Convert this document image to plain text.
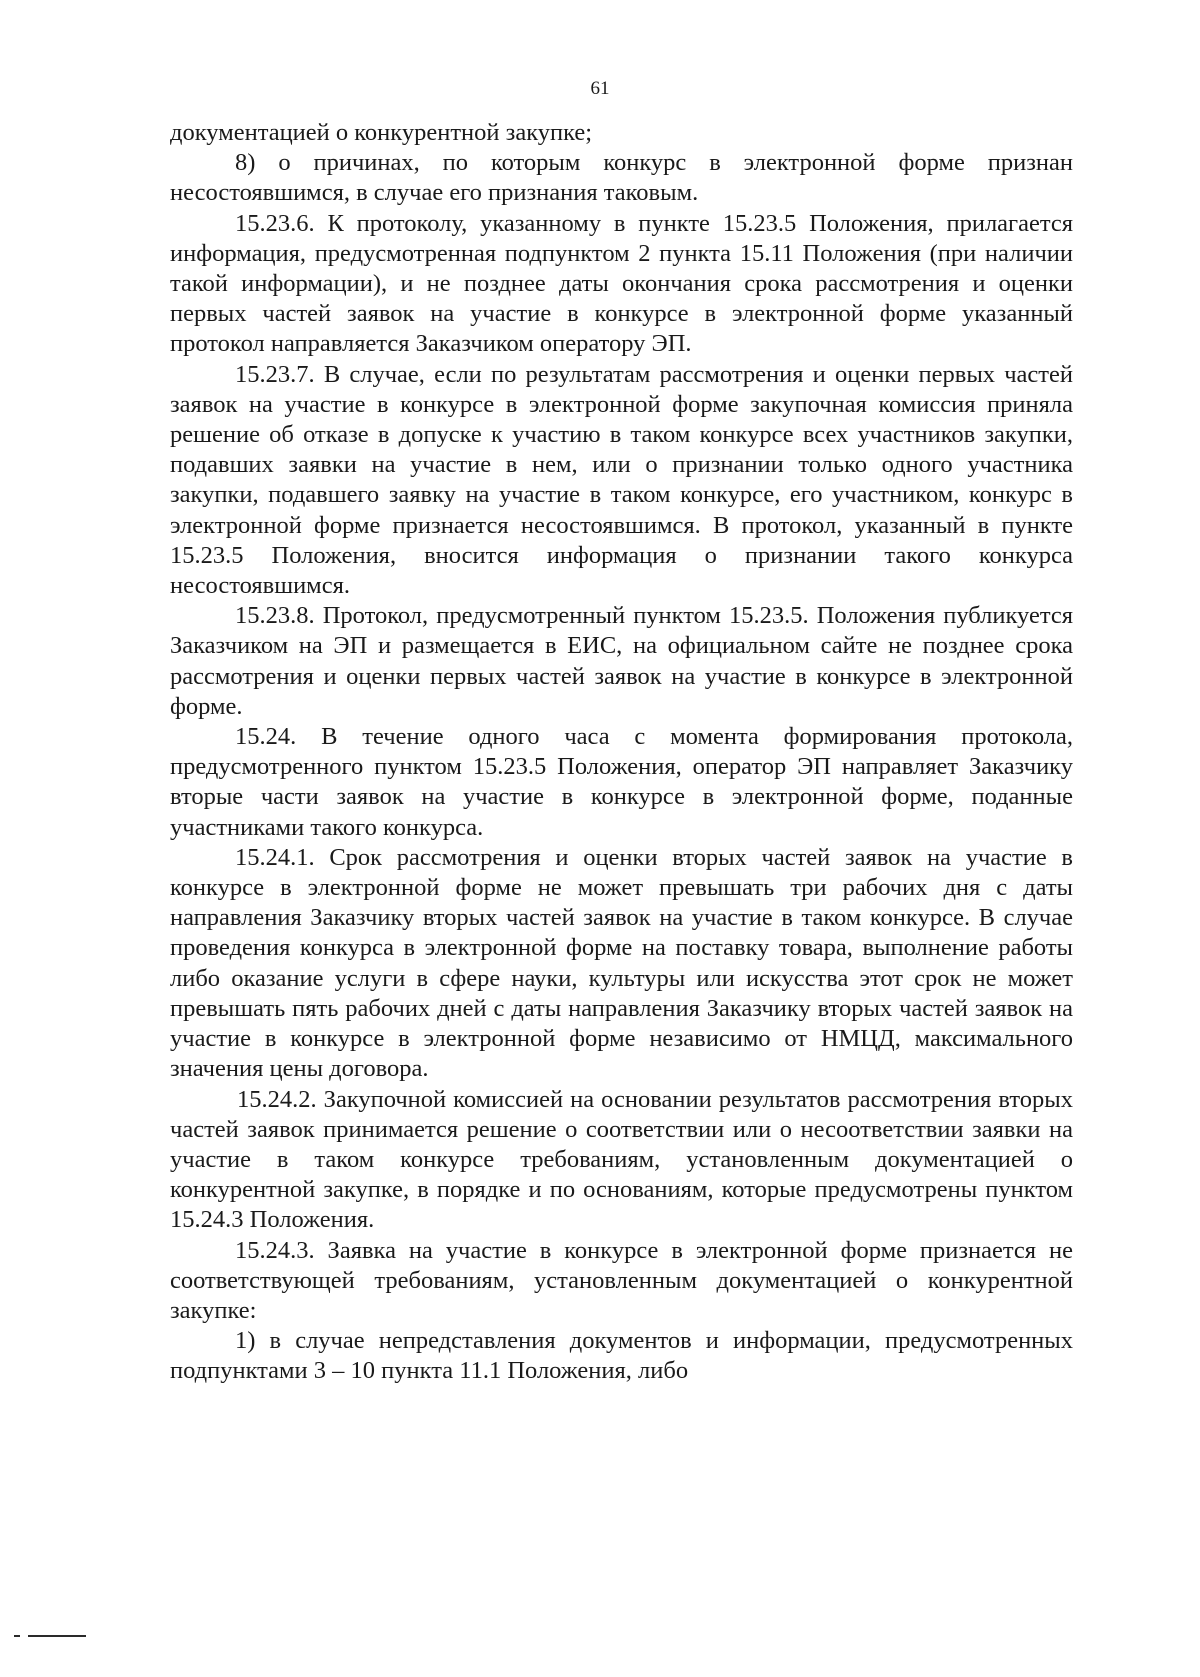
61

документацией о конкурентной закупке;

8) о причинах, по которым конкурс в электронной форме признан несостоявшимся, в случае его признания таковым.

15.23.6. К протоколу, указанному в пункте 15.23.5 Положения, прилагается информация, предусмотренная подпунктом 2 пункта 15.11 Положения (при наличии такой информации), и не позднее даты окончания срока рассмотрения и оценки первых частей заявок на участие в конкурсе в электронной форме указанный протокол направляется Заказчиком оператору ЭП.

15.23.7. В случае, если по результатам рассмотрения и оценки первых частей заявок на участие в конкурсе в электронной форме закупочная комиссия приняла решение об отказе в допуске к участию в таком конкурсе всех участников закупки, подавших заявки на участие в нем, или о признании только одного участника закупки, подавшего заявку на участие в таком конкурсе, его участником, конкурс в электронной форме признается несостоявшимся. В протокол, указанный в пункте 15.23.5 Положения, вносится информация о признании такого конкурса несостоявшимся.

15.23.8. Протокол, предусмотренный пунктом 15.23.5. Положения публикуется Заказчиком на ЭП и размещается в ЕИС, на официальном сайте не позднее срока рассмотрения и оценки первых частей заявок на участие в конкурсе в электронной форме.

15.24. В течение одного часа с момента формирования протокола, предусмотренного пунктом 15.23.5 Положения, оператор ЭП направляет Заказчику вторые части заявок на участие в конкурсе в электронной форме, поданные участниками такого конкурса.

15.24.1. Срок рассмотрения и оценки вторых частей заявок на участие в конкурсе в электронной форме не может превышать три рабочих дня с даты направления Заказчику вторых частей заявок на участие в таком конкурсе. В случае проведения конкурса в электронной форме на поставку товара, выполнение работы либо оказание услуги в сфере науки, культуры или искусства этот срок не может превышать пять рабочих дней с даты направления Заказчику вторых частей заявок на участие в конкурсе в электронной форме независимо от НМЦД, максимального значения цены договора.

15.24.2. Закупочной комиссией на основании результатов рассмотрения вторых частей заявок принимается решение о соответствии или о несоответствии заявки на участие в таком конкурсе требованиям, установленным документацией о конкурентной закупке, в порядке и по основаниям, которые предусмотрены пунктом 15.24.3 Положения.

15.24.3. Заявка на участие в конкурсе в электронной форме признается не соответствующей требованиям, установленным документацией о конкурентной закупке:

1) в случае непредставления документов и информации, предусмотренных подпунктами 3 – 10 пункта 11.1 Положения, либо
